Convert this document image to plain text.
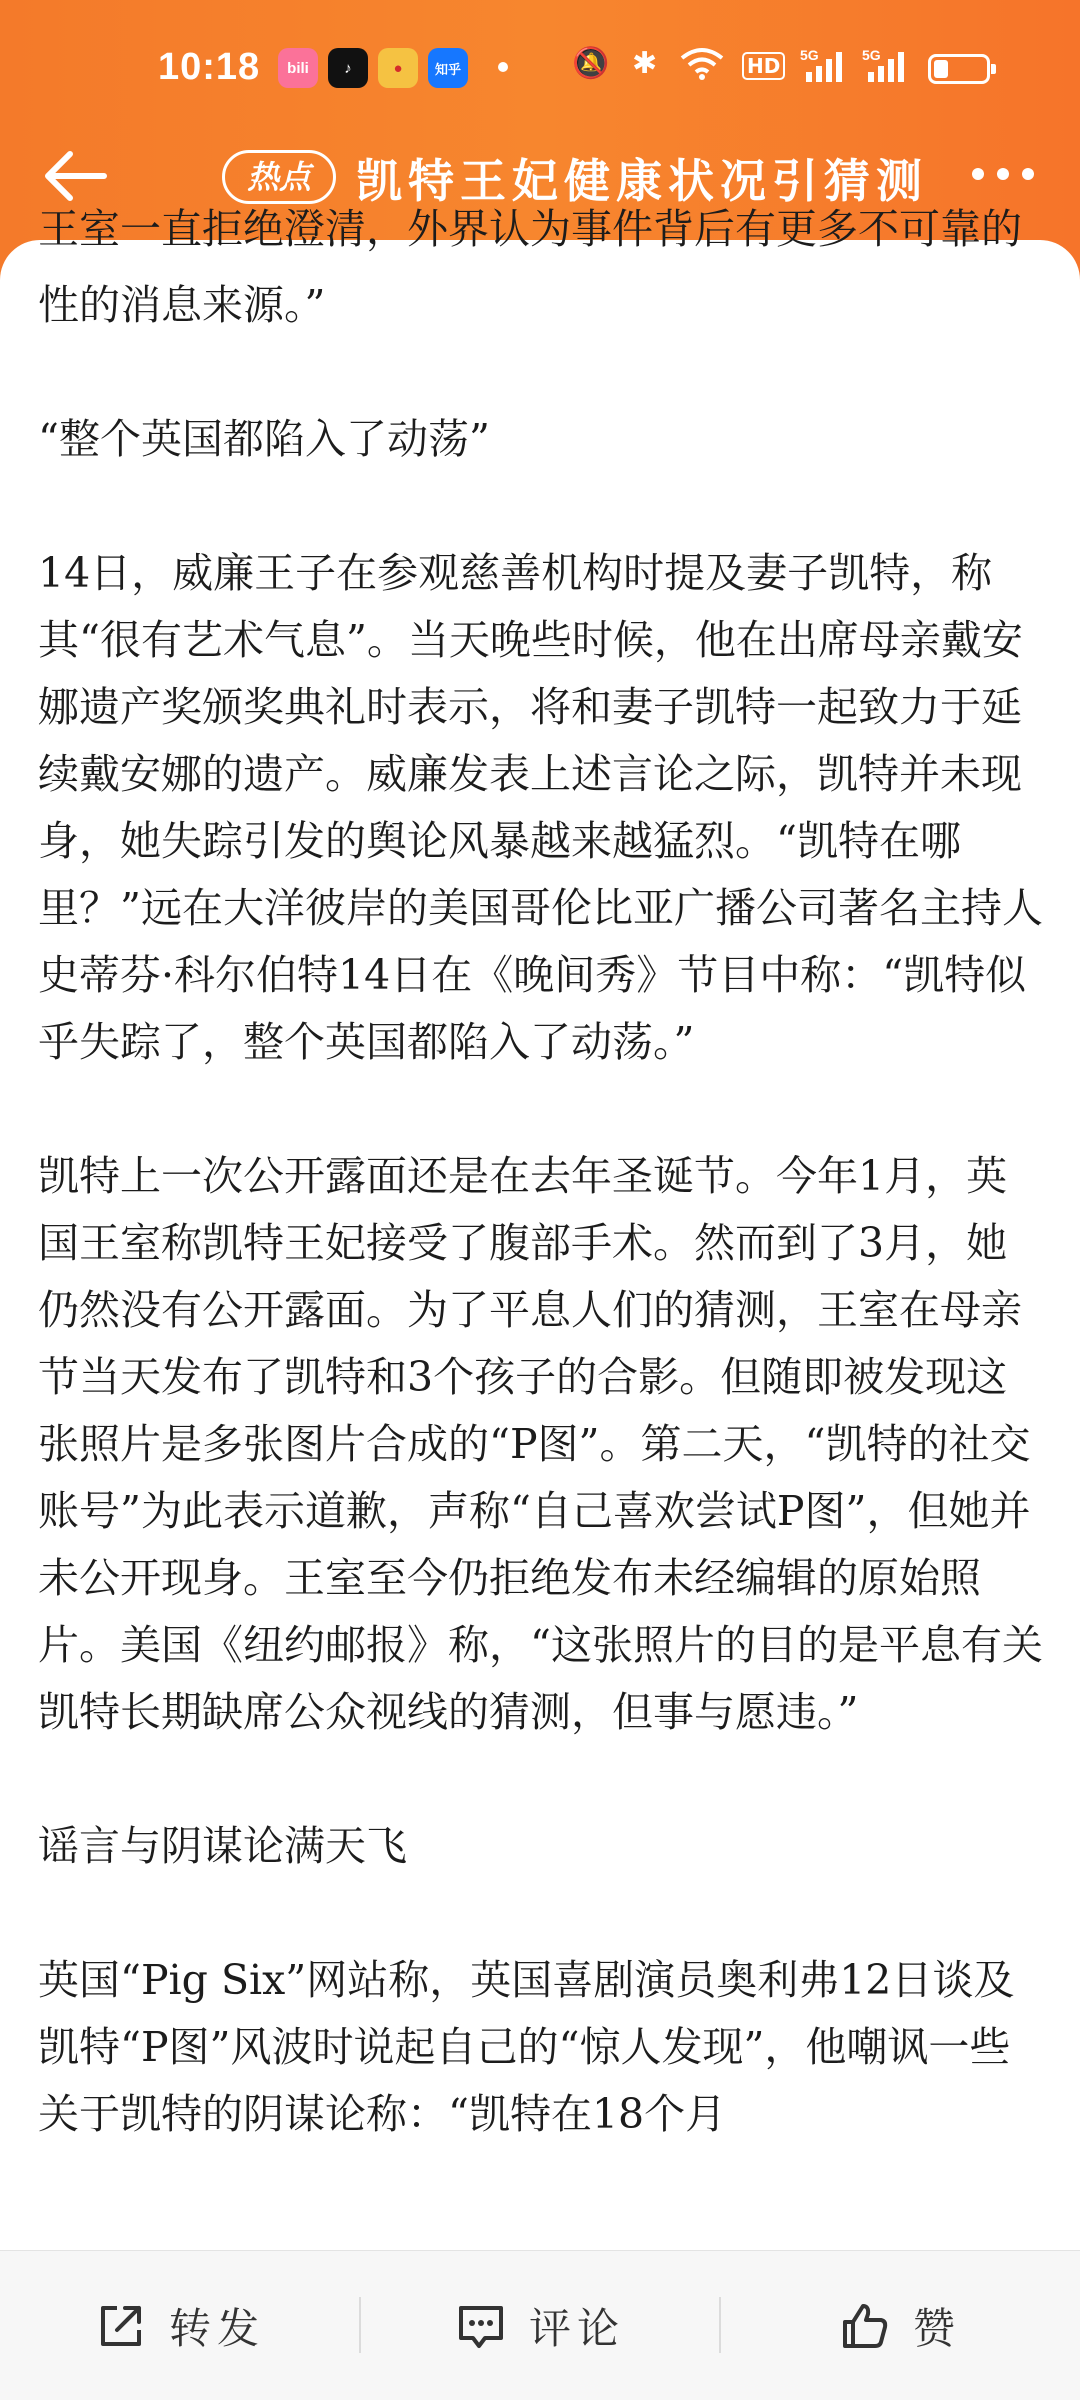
10:18	bili	♪	●	知乎	🔕 ✱	HD	5G	5G
热点 凯特王妃健康状况引猜测
王室一直拒绝澄清，外界认为事件背后有更多不可靠的

性的消息来源。”

“整个英国都陷入了动荡”

14日，威廉王子在参观慈善机构时提及妻子凯特，称其“很有艺术气息”。当天晚些时候，他在出席母亲戴安娜遗产奖颁奖典礼时表示，将和妻子凯特一起致力于延续戴安娜的遗产。威廉发表上述言论之际，凯特并未现身，她失踪引发的舆论风暴越来越猛烈。“凯特在哪里？”远在大洋彼岸的美国哥伦比亚广播公司著名主持人史蒂芬·科尔伯特14日在《晚间秀》节目中称：“凯特似乎失踪了，整个英国都陷入了动荡。”

凯特上一次公开露面还是在去年圣诞节。今年1月，英国王室称凯特王妃接受了腹部手术。然而到了3月，她仍然没有公开露面。为了平息人们的猜测，王室在母亲节当天发布了凯特和3个孩子的合影。但随即被发现这张照片是多张图片合成的“P图”。第二天，“凯特的社交账号”为此表示道歉，声称“自己喜欢尝试P图”，但她并未公开现身。王室至今仍拒绝发布未经编辑的原始照片。美国《纽约邮报》称，“这张照片的目的是平息有关凯特长期缺席公众视线的猜测，但事与愿违。”

谣言与阴谋论满天飞

英国“Pig Six”网站称，英国喜剧演员奥利弗12日谈及凯特“P图”风波时说起自己的“惊人发现”，他嘲讽一些关于凯特的阴谋论称：“凯特在18个月

转发	评论	赞
